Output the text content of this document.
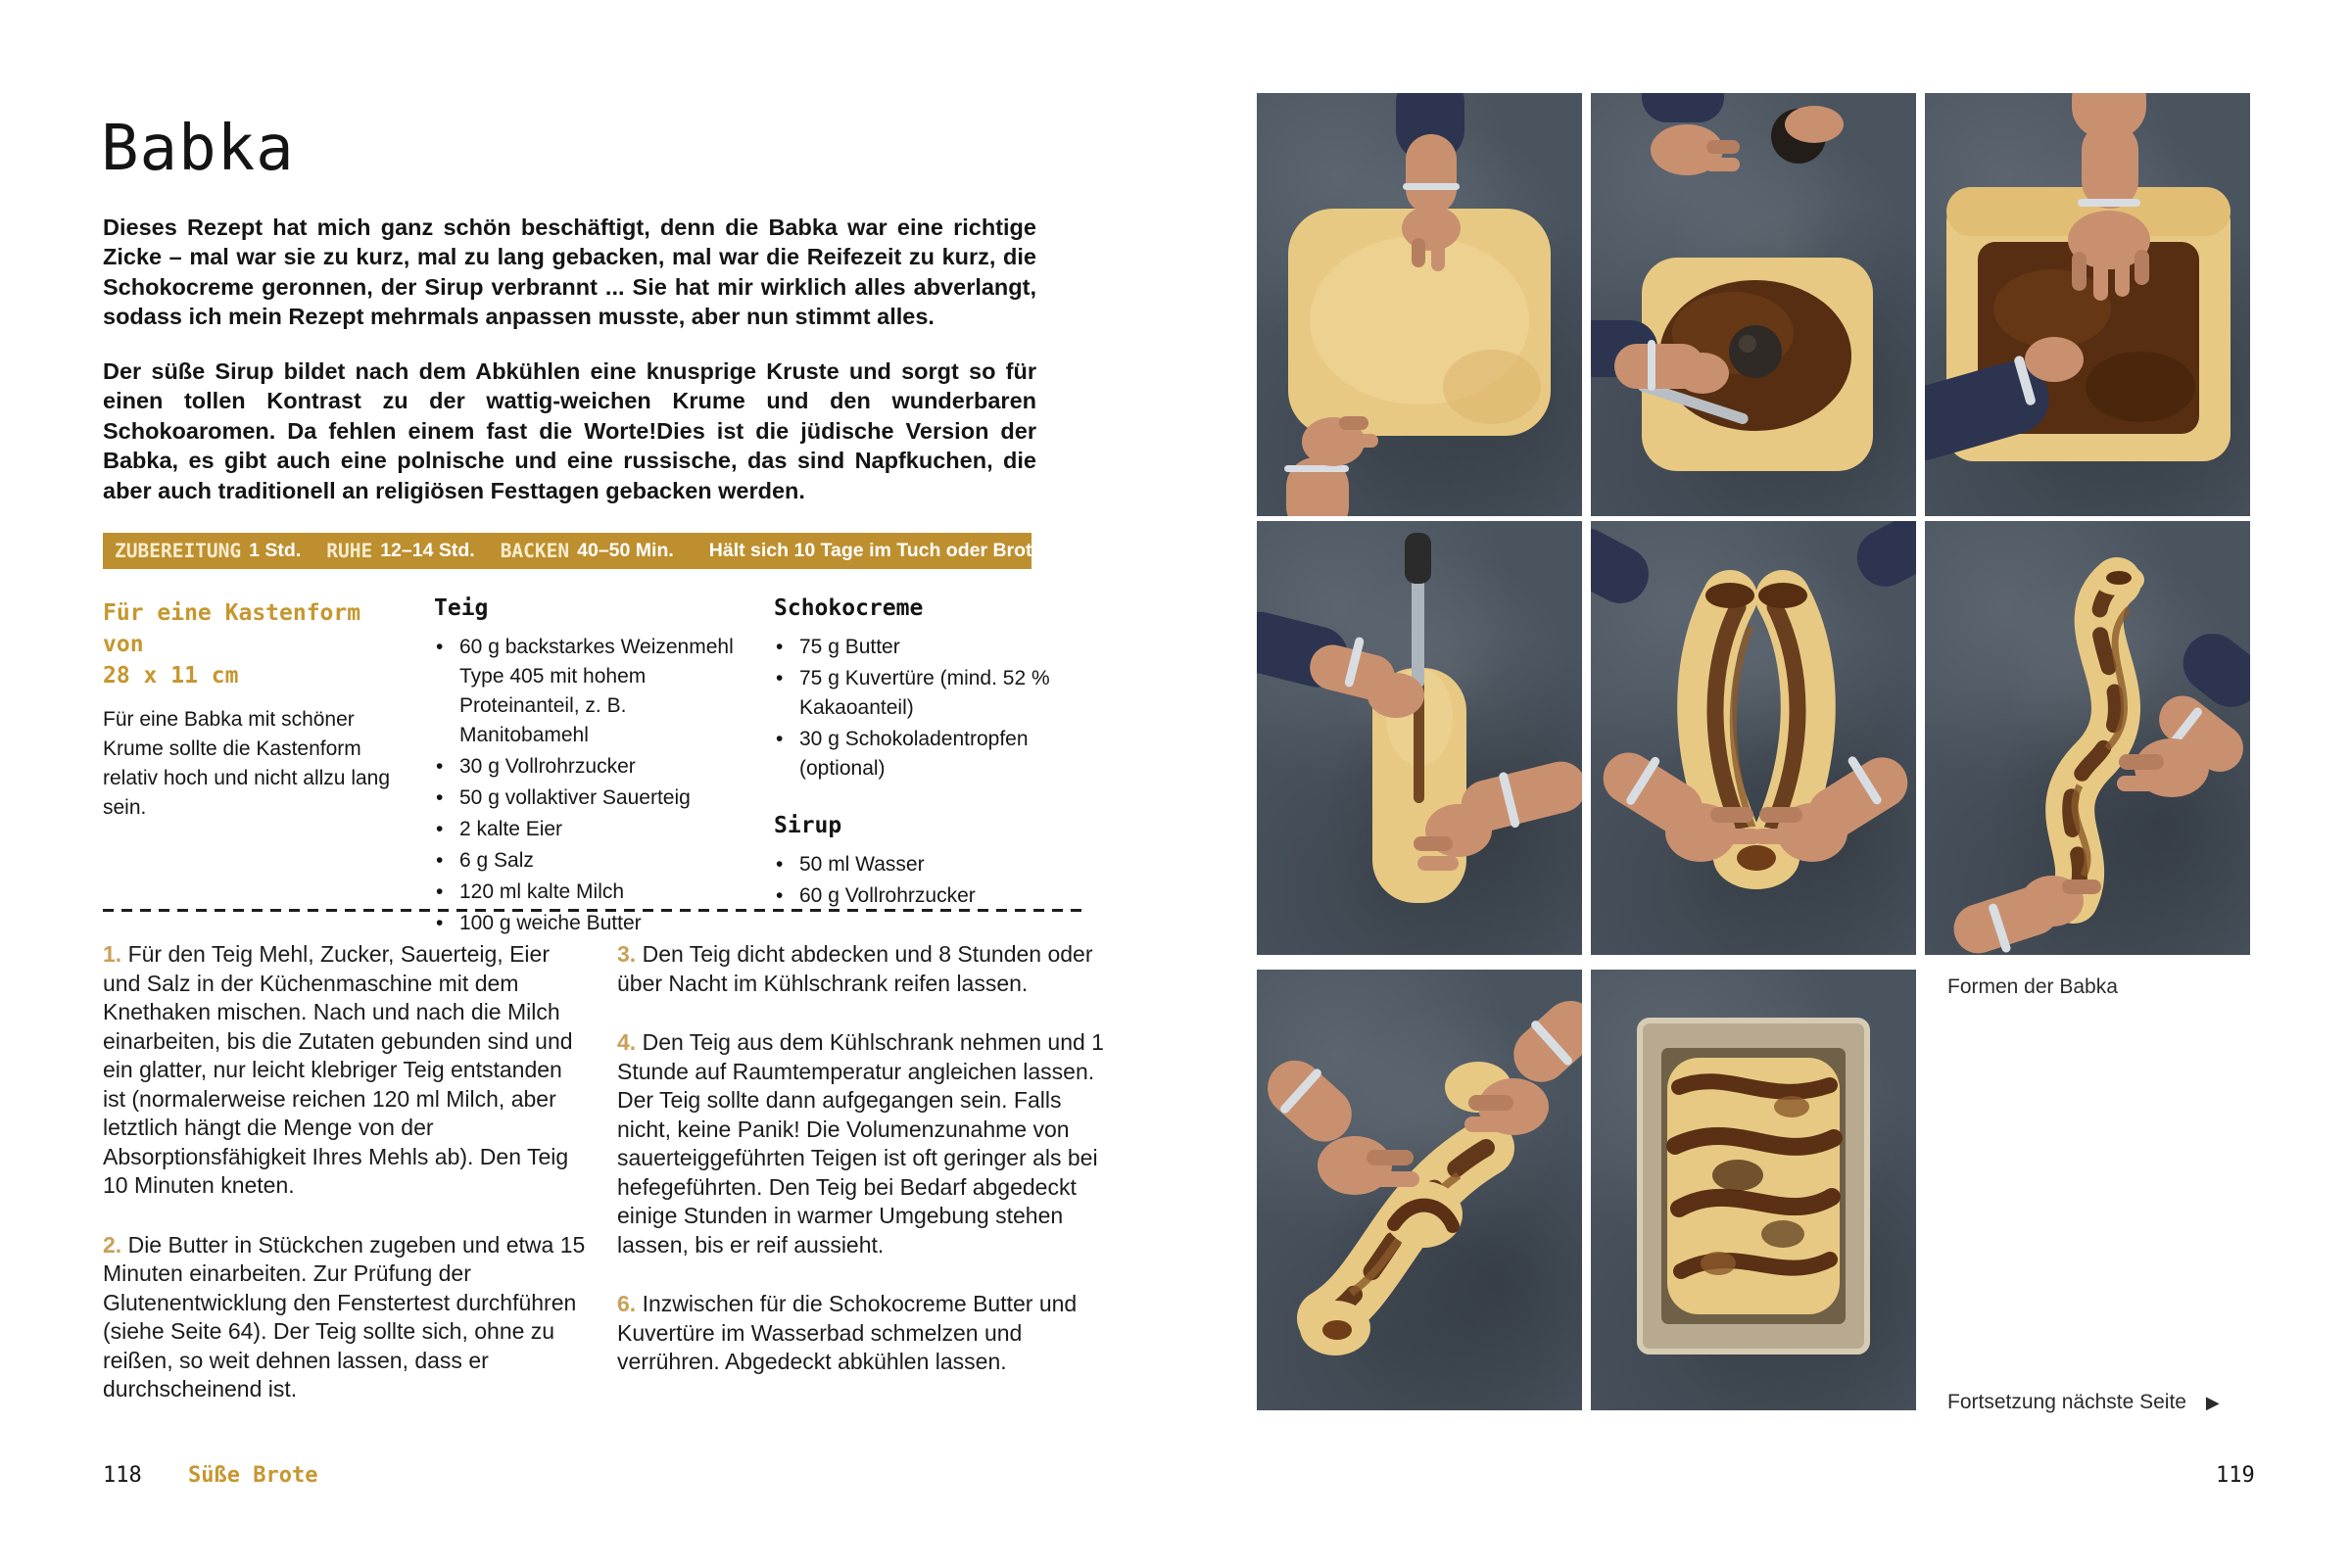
Babka

Dieses Rezept hat mich ganz schön beschäftigt, denn die Babka war eine richtige Zicke – mal war sie zu kurz, mal zu lang gebacken, mal war die Reifezeit zu kurz, die Schokocreme geronnen, der Sirup verbrannt ... Sie hat mir wirklich alles abverlangt, sodass ich mein Rezept mehrmals anpassen musste, aber nun stimmt alles.

Der süße Sirup bildet nach dem Abkühlen eine knusprige Kruste und sorgt so für einen tollen Kontrast zu der wattig-weichen Krume und den wunderbaren Schokoaromen. Da fehlen einem fast die Worte!Dies ist die jüdische Version der Babka, es gibt auch eine polnische und eine russische, das sind Napfkuchen, die aber auch traditionell an religiösen Festtagen gebacken werden.

ZUBEREITUNG 1 Std. RUHE 12–14 Std. BACKEN 40–50 Min. Hält sich 10 Tage im Tuch oder Brotkasten
Für eine Kastenform von
28 x 11 cm
Für eine Babka mit schöner Krume sollte die Kastenform relativ hoch und nicht allzu lang sein.

Teig

• 60 g backstarkes Weizenmehl Type 405 mit hohem Proteinanteil, z. B. Manitobamehl
• 30 g Vollrohrzucker
• 50 g vollaktiver Sauerteig
• 2 kalte Eier
• 6 g Salz
• 120 ml kalte Milch
• 100 g weiche Butter

Schokocreme

• 75 g Butter
• 75 g Kuvertüre (mind. 52 % Kakaoanteil)
• 30 g Schokoladentropfen (optional)

Sirup

• 50 ml Wasser
• 60 g Vollrohrzucker

1. Für den Teig Mehl, Zucker, Sauerteig, Eier und Salz in der Küchenmaschine mit dem Knethaken mischen. Nach und nach die Milch einarbeiten, bis die Zutaten gebunden sind und ein glatter, nur leicht klebriger Teig entstanden ist (normalerweise reichen 120 ml Milch, aber letztlich hängt die Menge von der Absorptionsfähigkeit Ihres Mehls ab). Den Teig 10 Minuten kneten.

2. Die Butter in Stückchen zugeben und etwa 15 Minuten einarbeiten. Zur Prüfung der Glutenentwicklung den Fenstertest durchführen (siehe Seite 64). Der Teig sollte sich, ohne zu reißen, so weit dehnen lassen, dass er durchscheinend ist.

3. Den Teig dicht abdecken und 8 Stunden oder über Nacht im Kühlschrank reifen lassen.

4. Den Teig aus dem Kühlschrank nehmen und 1 Stunde auf Raumtemperatur angleichen lassen. Der Teig sollte dann aufgegangen sein. Falls nicht, keine Panik! Die Volumenzunahme von sauerteiggeführten Teigen ist oft geringer als bei hefegeführten. Den Teig bei Bedarf abgedeckt einige Stunden in warmer Umgebung stehen lassen, bis er reif aussieht.

6. Inzwischen für die Schokocreme Butter und Kuvertüre im Wasserbad schmelzen und verrühren. Abgedeckt abkühlen lassen.

118 Süße Brote	119
Formen der Babka
Fortsetzung nächste Seite ▶
